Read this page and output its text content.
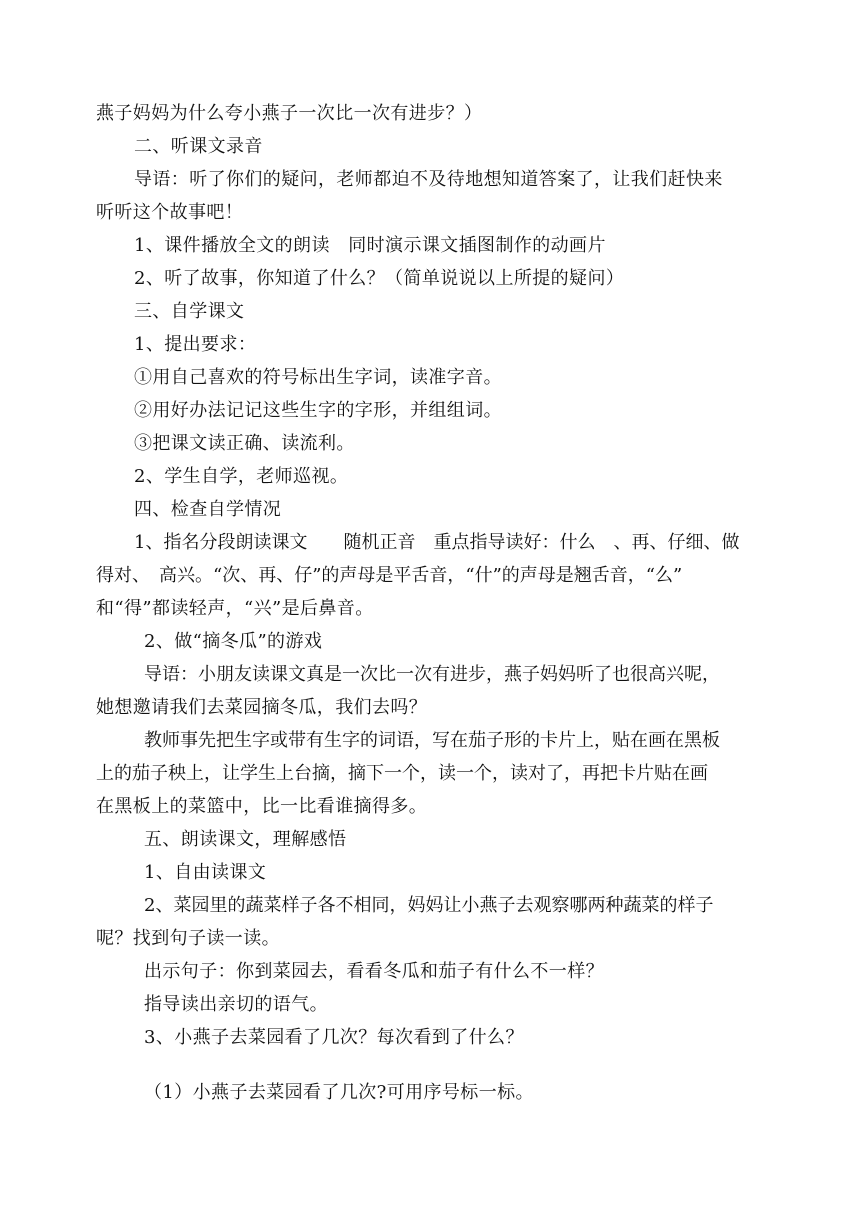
燕子妈妈为什么夸小燕子一次比一次有进步？）
二、听课文录音
导语：听了你们的疑问，老师都迫不及待地想知道答案了，让我们赶快来
听听这个故事吧！
1、课件播放全文的朗读　同时演示课文插图制作的动画片
2、听了故事，你知道了什么？（简单说说以上所提的疑问）
三、自学课文
1、提出要求：
①用自己喜欢的符号标出生字词，读准字音。
②用好办法记记这些生字的字形，并组组词。
③把课文读正确、读流利。
2、学生自学，老师巡视。
四、检查自学情况
1、指名分段朗读课文　　随机正音　重点指导读好：什么　、再、仔细、做
得对、　高兴。“次、再、仔”的声母是平舌音，“什”的声母是翘舌音，“么”
和“得”都读轻声，“兴”是后鼻音。
2、做“摘冬瓜”的游戏
导语：小朋友读课文真是一次比一次有进步，燕子妈妈听了也很高兴呢，
她想邀请我们去菜园摘冬瓜，我们去吗？
教师事先把生字或带有生字的词语，写在茄子形的卡片上，贴在画在黑板
上的茄子秧上，让学生上台摘，摘下一个，读一个，读对了，再把卡片贴在画
在黑板上的菜篮中，比一比看谁摘得多。
五、朗读课文，理解感悟
1、自由读课文
2、菜园里的蔬菜样子各不相同，妈妈让小燕子去观察哪两种蔬菜的样子
呢？找到句子读一读。
出示句子：你到菜园去，看看冬瓜和茄子有什么不一样？
指导读出亲切的语气。
3、小燕子去菜园看了几次？每次看到了什么？
（1）小燕子去菜园看了几次?可用序号标一标。
